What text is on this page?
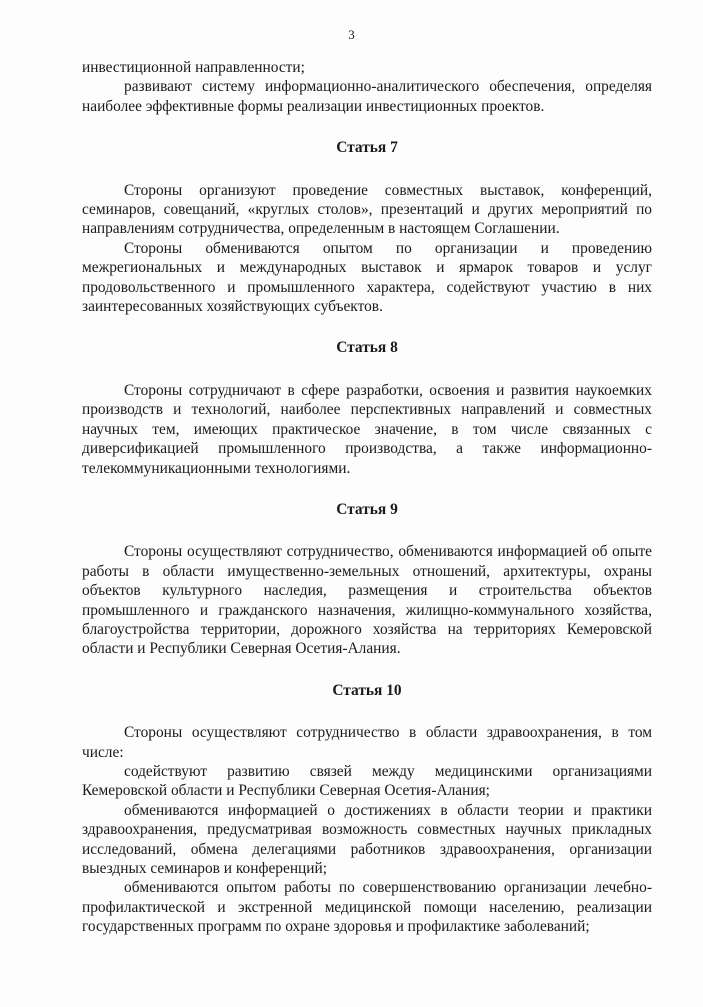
3

инвестиционной направленности;

развивают систему информационно-аналитического обеспечения, определяя наиболее эффективные формы реализации инвестиционных проектов.

Статья 7

Стороны организуют проведение совместных выставок, конференций, семинаров, совещаний, «круглых столов», презентаций и других мероприятий по направлениям сотрудничества, определенным в настоящем Соглашении.

Стороны обмениваются опытом по организации и проведению межрегиональных и международных выставок и ярмарок товаров и услуг продовольственного и промышленного характера, содействуют участию в них заинтересованных хозяйствующих субъектов.

Статья 8

Стороны сотрудничают в сфере разработки, освоения и развития наукоемких производств и технологий, наиболее перспективных направлений и совместных научных тем, имеющих практическое значение, в том числе связанных с диверсификацией промышленного производства, а также информационно-телекоммуникационными технологиями.

Статья 9

Стороны осуществляют сотрудничество, обмениваются информацией об опыте работы в области имущественно-земельных отношений, архитектуры, охраны объектов культурного наследия, размещения и строительства объектов промышленного и гражданского назначения, жилищно-коммунального хозяйства, благоустройства территории, дорожного хозяйства на территориях Кемеровской области и Республики Северная Осетия-Алания.

Статья 10

Стороны осуществляют сотрудничество в области здравоохранения, в том числе:

содействуют развитию связей между медицинскими организациями Кемеровской области и Республики Северная Осетия-Алания;

обмениваются информацией о достижениях в области теории и практики здравоохранения, предусматривая возможность совместных научных прикладных исследований, обмена делегациями работников здравоохранения, организации выездных семинаров и конференций;

обмениваются опытом работы по совершенствованию организации лечебно-профилактической и экстренной медицинской помощи населению, реализации государственных программ по охране здоровья и профилактике заболеваний;
